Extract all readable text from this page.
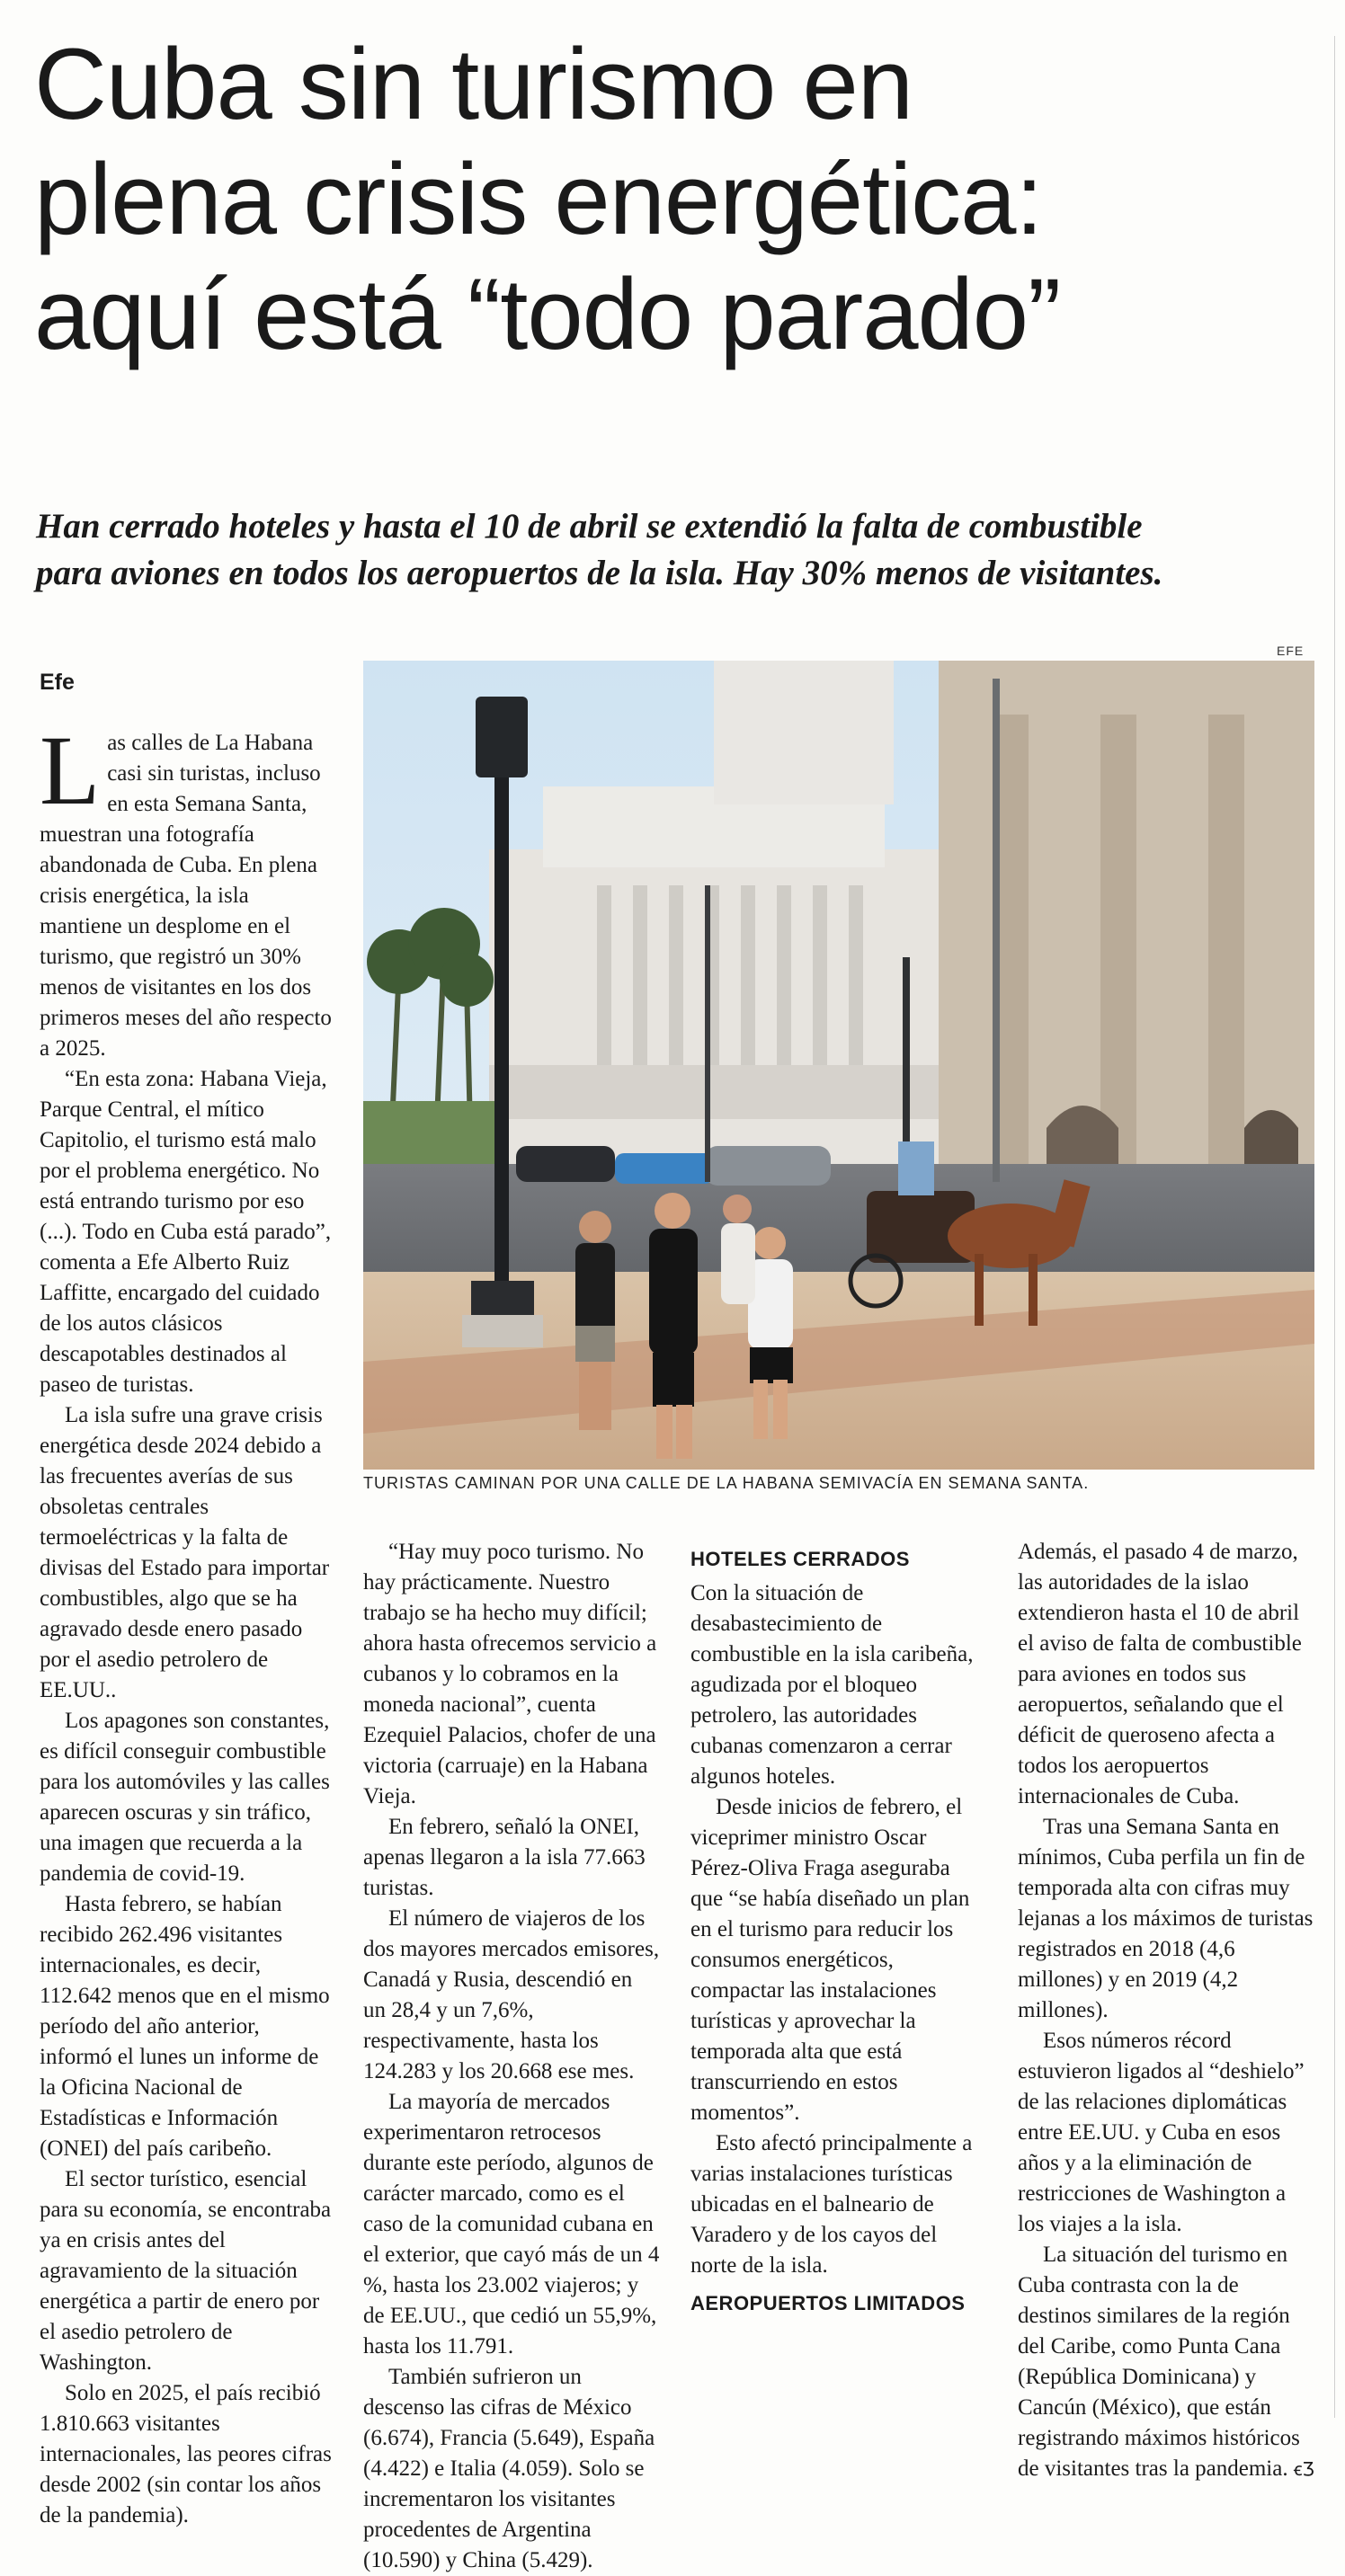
Cuba sin turismo en
plena crisis energética:
aquí está “todo parado”
Han cerrado hoteles y hasta el 10 de abril se extendió la falta de combustible
para aviones en todos los aeropuertos de la isla. Hay 30% menos de visitantes.
Efe
EFE
TURISTAS CAMINAN POR UNA CALLE DE LA HABANA SEMIVACÍA EN SEMANA SANTA.

Las calles de La Habana casi sin turistas, incluso en esta Semana Santa, muestran una fotografía abandonada de Cuba. En plena crisis energética, la isla mantiene un desplome en el turismo, que registró un 30% menos de visitantes en los dos primeros meses del año respecto a 2025.

“En esta zona: Habana Vieja, Parque Central, el mítico Capitolio, el turismo está malo por el problema energético. No está entrando turismo por eso (...). Todo en Cuba está parado”, comenta a Efe Alberto Ruiz Laffitte, encargado del cuidado de los autos clásicos descapotables destinados al paseo de turistas.

La isla sufre una grave crisis energética desde 2024 debido a las frecuentes averías de sus obsoletas centrales termoeléctricas y la falta de divisas del Estado para importar combustibles, algo que se ha agravado desde enero pasado por el asedio petrolero de EE.UU..

Los apagones son constantes, es difícil conseguir combustible para los automóviles y las calles aparecen oscuras y sin tráfico, una imagen que recuerda a la pandemia de covid-19.

Hasta febrero, se habían recibido 262.496 visitantes internacionales, es decir, 112.642 menos que en el mismo período del año anterior, informó el lunes un informe de la Oficina Nacional de Estadísticas e Información (ONEI) del país caribeño.

El sector turístico, esencial para su economía, se encontraba ya en crisis antes del agravamiento de la situación energética a partir de enero por el asedio petrolero de Washington.

Solo en 2025, el país recibió 1.810.663 visitantes internacionales, las peores cifras desde 2002 (sin contar los años de la pandemia).

“Hay muy poco turismo. No hay prácticamente. Nuestro trabajo se ha hecho muy difícil; ahora hasta ofrecemos servicio a cubanos y lo cobramos en la moneda nacional”, cuenta Ezequiel Palacios, chofer de una victoria (carruaje) en la Habana Vieja.

En febrero, señaló la ONEI, apenas llegaron a la isla 77.663 turistas.

El número de viajeros de los dos mayores mercados emisores, Canadá y Rusia, descendió en un 28,4 y un 7,6%, respectivamente, hasta los 124.283 y los 20.668 ese mes.

La mayoría de mercados experimentaron retrocesos durante este período, algunos de carácter marcado, como es el caso de la comunidad cubana en el exterior, que cayó más de un 4 %, hasta los 23.002 viajeros; y de EE.UU., que cedió un 55,9%, hasta los 11.791.

También sufrieron un descenso las cifras de México (6.674), Francia (5.649), España (4.422) e Italia (4.059). Solo se incrementaron los visitantes procedentes de Argentina (10.590) y China (5.429).

HOTELES CERRADOS

Con la situación de desabastecimiento de combustible en la isla caribeña, agudizada por el bloqueo petrolero, las autoridades cubanas comenzaron a cerrar algunos hoteles.

Desde inicios de febrero, el viceprimer ministro Oscar Pérez-Oliva Fraga aseguraba que “se había diseñado un plan en el turismo para reducir los consumos energéticos, compactar las instalaciones turísticas y aprovechar la temporada alta que está transcurriendo en estos momentos”.

Esto afectó principalmente a varias instalaciones turísticas ubicadas en el balneario de Varadero y de los cayos del norte de la isla.

AEROPUERTOS LIMITADOS

Además, el pasado 4 de marzo, las autoridades de la islao extendieron hasta el 10 de abril el aviso de falta de combustible para aviones en todos sus aeropuertos, señalando que el déficit de queroseno afecta a todos los aeropuertos internacionales de Cuba.

Tras una Semana Santa en mínimos, Cuba perfila un fin de temporada alta con cifras muy lejanas a los máximos de turistas registrados en 2018 (4,6 millones) y en 2019 (4,2 millones).

Esos números récord estuvieron ligados al “deshielo” de las relaciones diplomáticas entre EE.UU. y Cuba en esos años y a la eliminación de restricciones de Washington a los viajes a la isla.

La situación del turismo en Cuba contrasta con la de destinos similares de la región del Caribe, como Punta Cana (República Dominicana) y Cancún (México), que están registrando máximos históricos de visitantes tras la pandemia. ꞓƷ
